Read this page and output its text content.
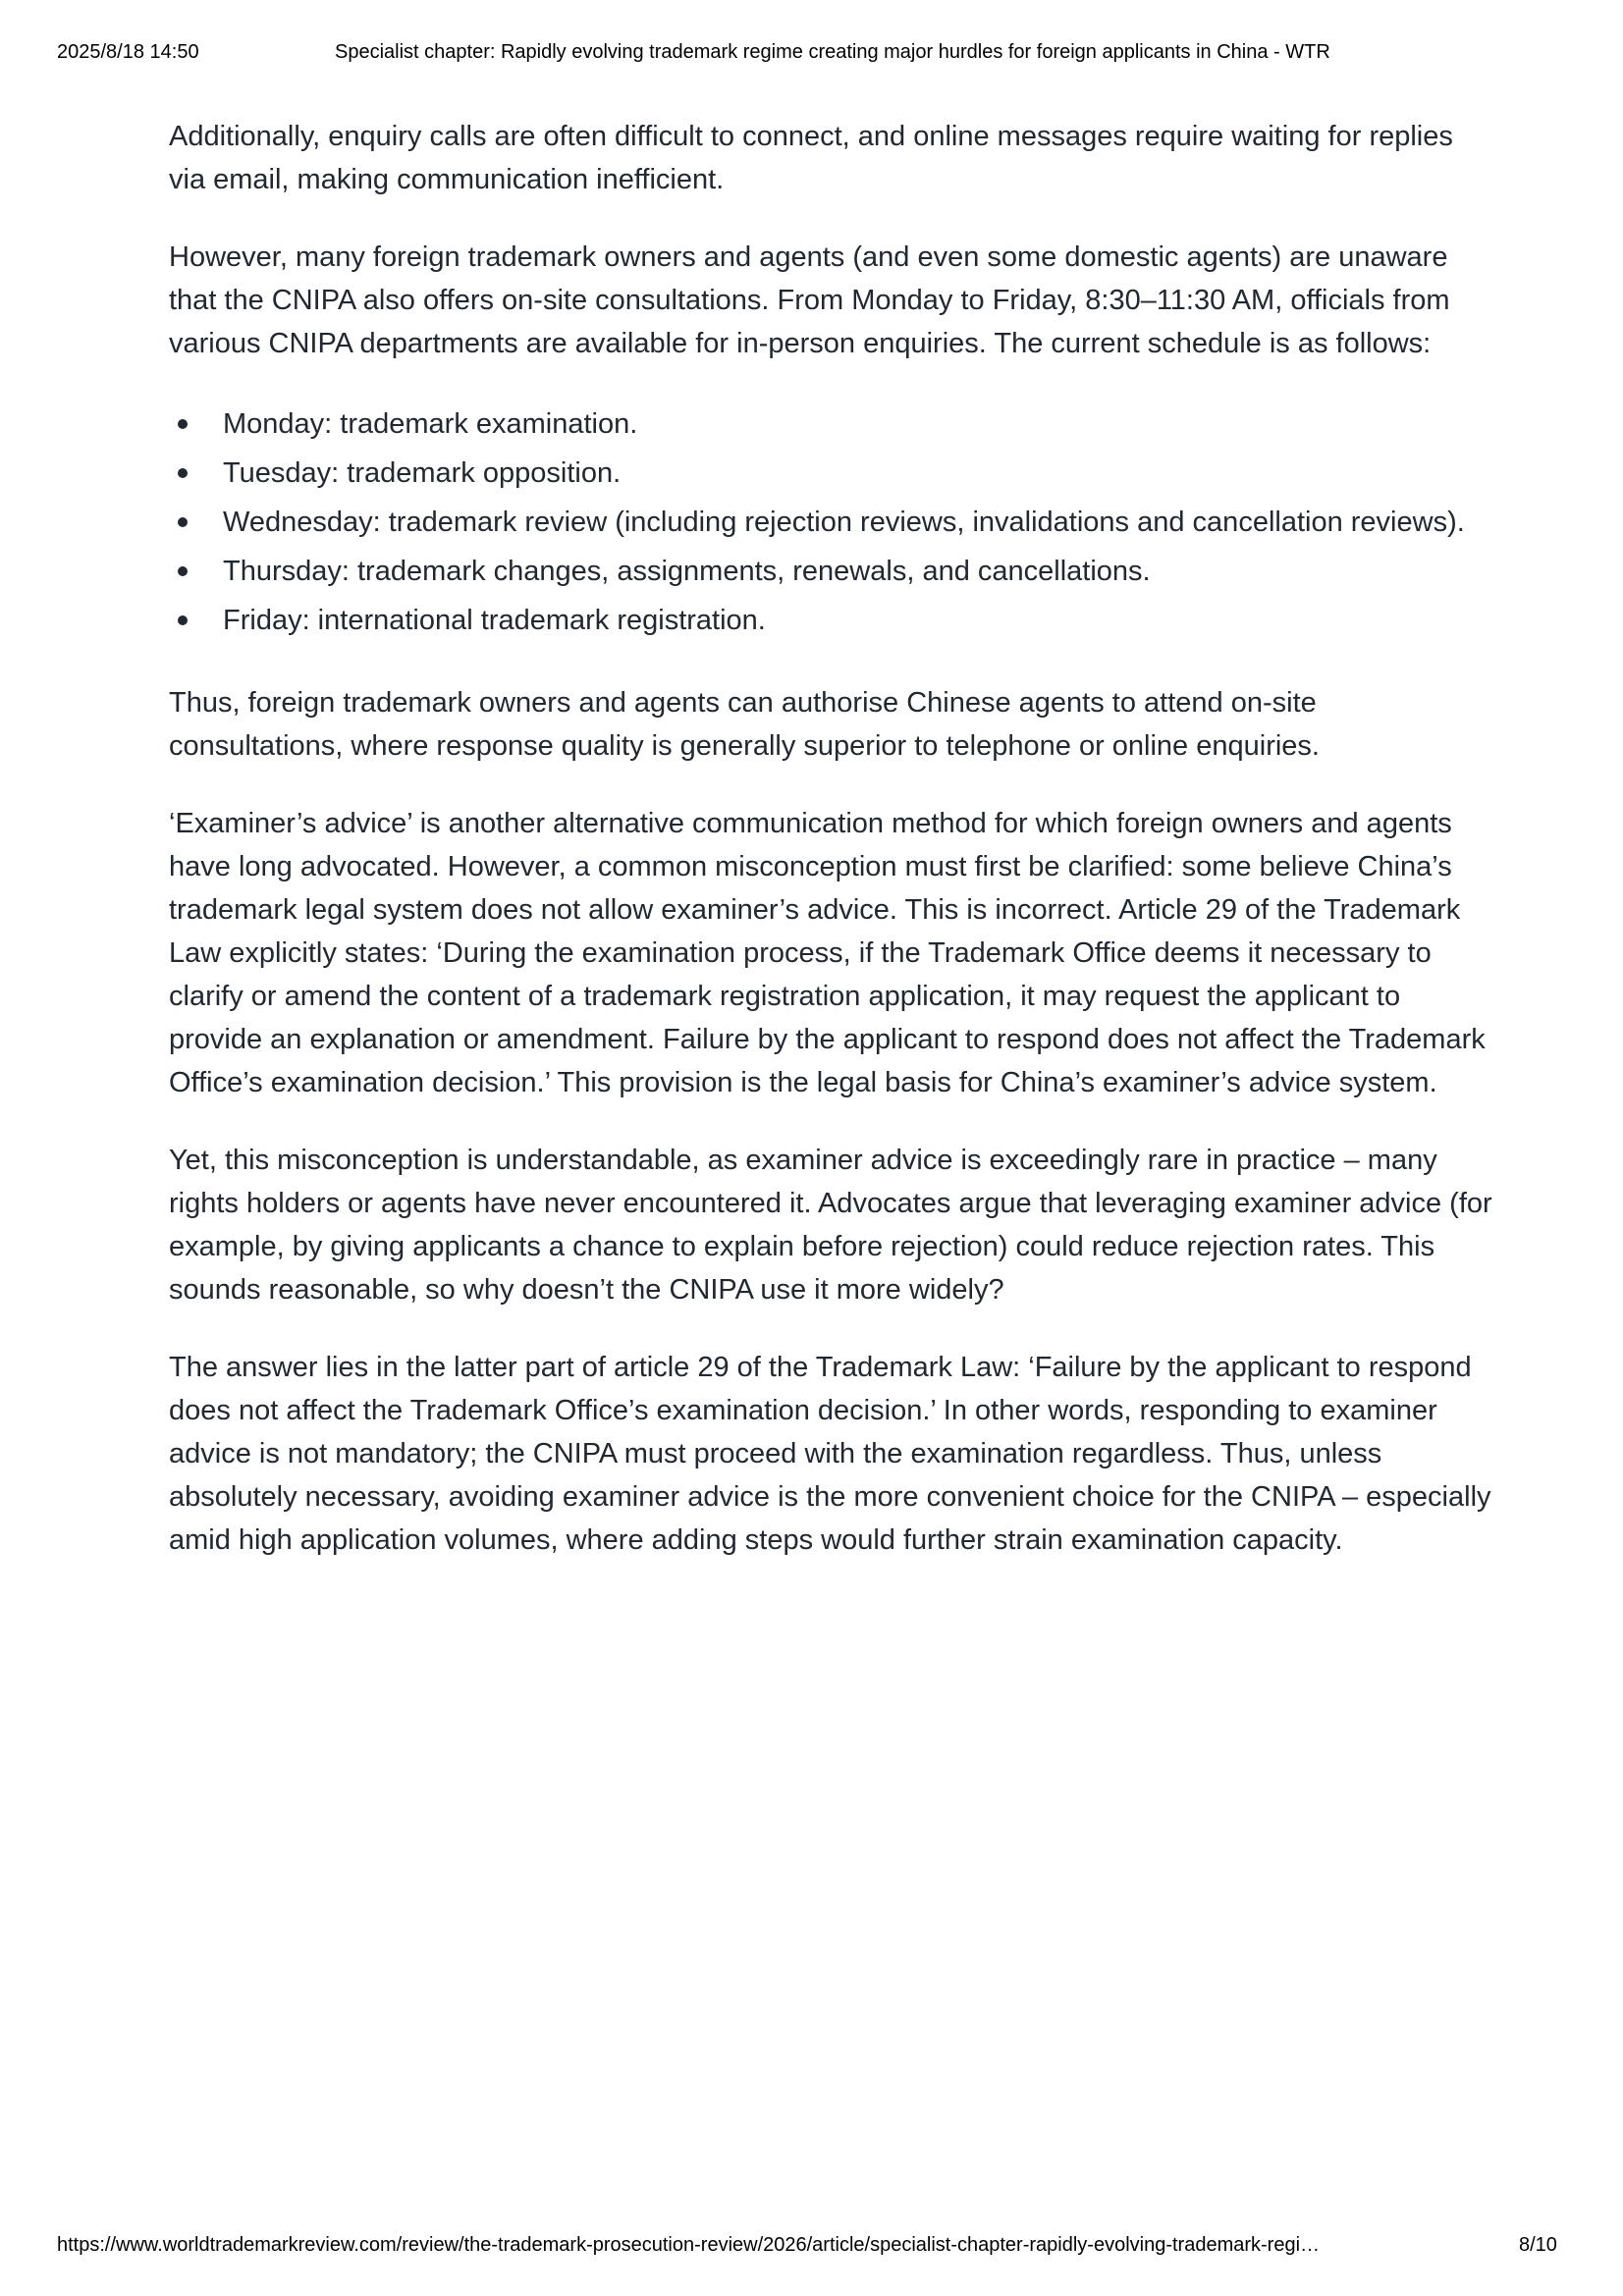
2025/8/18 14:50	Specialist chapter: Rapidly evolving trademark regime creating major hurdles for foreign applicants in China - WTR

Additionally, enquiry calls are often difficult to connect, and online messages require waiting for replies via email, making communication inefficient.

However, many foreign trademark owners and agents (and even some domestic agents) are unaware that the CNIPA also offers on-site consultations. From Monday to Friday, 8:30–11:30 AM, officials from various CNIPA departments are available for in-person enquiries. The current schedule is as follows:

Monday: trademark examination.
Tuesday: trademark opposition.
Wednesday: trademark review (including rejection reviews, invalidations and cancellation reviews).
Thursday: trademark changes, assignments, renewals, and cancellations.
Friday: international trademark registration.

Thus, foreign trademark owners and agents can authorise Chinese agents to attend on-site consultations, where response quality is generally superior to telephone or online enquiries.

‘Examiner’s advice’ is another alternative communication method for which foreign owners and agents have long advocated. However, a common misconception must first be clarified: some believe China’s trademark legal system does not allow examiner’s advice. This is incorrect. Article 29 of the Trademark Law explicitly states: ‘During the examination process, if the Trademark Office deems it necessary to clarify or amend the content of a trademark registration application, it may request the applicant to provide an explanation or amendment. Failure by the applicant to respond does not affect the Trademark Office’s examination decision.’ This provision is the legal basis for China’s examiner’s advice system.

Yet, this misconception is understandable, as examiner advice is exceedingly rare in practice – many rights holders or agents have never encountered it. Advocates argue that leveraging examiner advice (for example, by giving applicants a chance to explain before rejection) could reduce rejection rates. This sounds reasonable, so why doesn’t the CNIPA use it more widely?

The answer lies in the latter part of article 29 of the Trademark Law: ‘Failure by the applicant to respond does not affect the Trademark Office’s examination decision.’ In other words, responding to examiner advice is not mandatory; the CNIPA must proceed with the examination regardless. Thus, unless absolutely necessary, avoiding examiner advice is the more convenient choice for the CNIPA – especially amid high application volumes, where adding steps would further strain examination capacity.

https://www.worldtrademarkreview.com/review/the-trademark-prosecution-review/2026/article/specialist-chapter-rapidly-evolving-trademark-regi…	8/10
